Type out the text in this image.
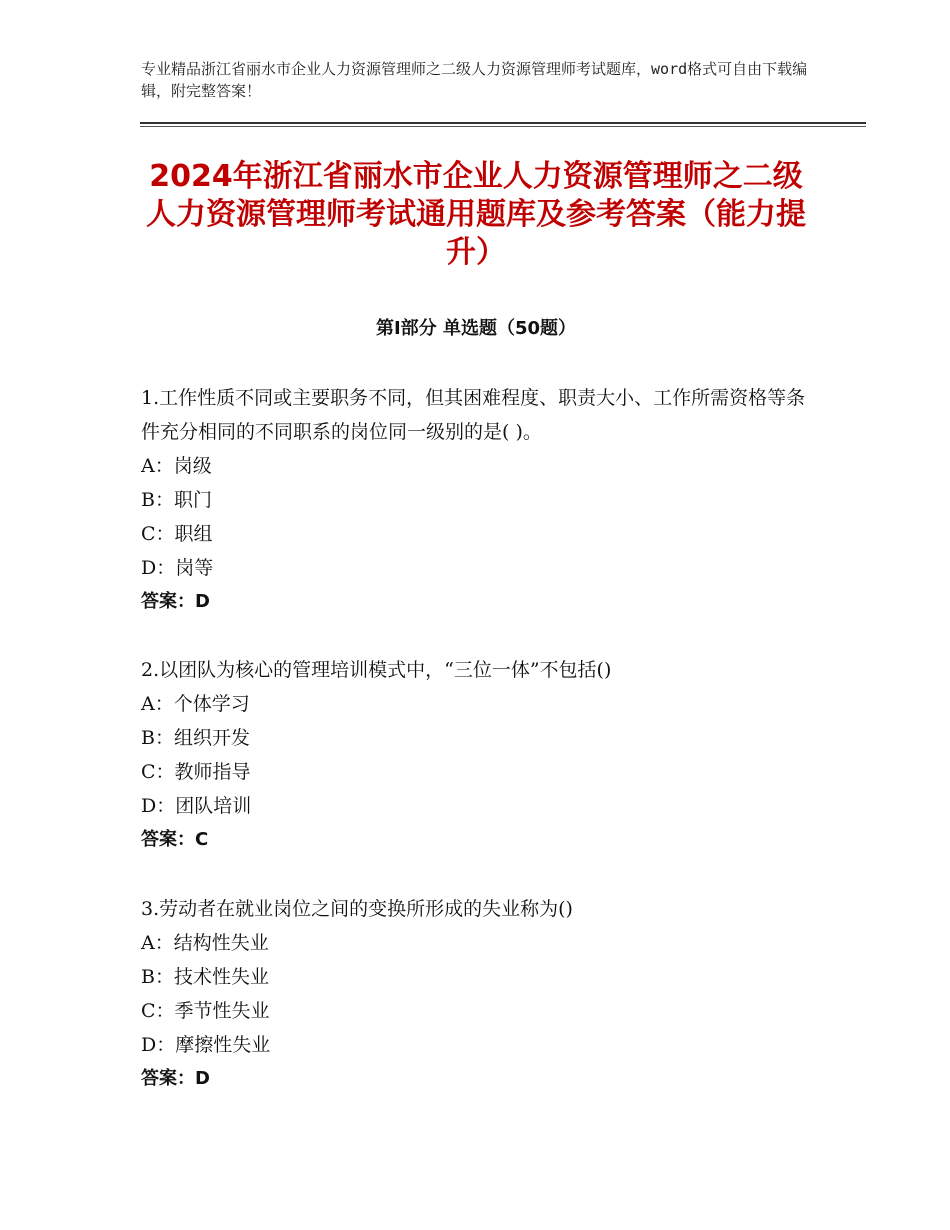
专业精品浙江省丽水市企业人力资源管理师之二级人力资源管理师考试题库，word格式可自由下载编辑，附完整答案！
2024年浙江省丽水市企业人力资源管理师之二级人力资源管理师考试通用题库及参考答案（能力提升）
第Ⅰ部分 单选题（50题）
1.工作性质不同或主要职务不同，但其困难程度、职责大小、工作所需资格等条件充分相同的不同职系的岗位同一级别的是( )。
A：岗级
B：职门
C：职组
D：岗等
答案：D
2.以团队为核心的管理培训模式中，“三位一体”不包括()
A：个体学习
B：组织开发
C：教师指导
D：团队培训
答案：C
3.劳动者在就业岗位之间的变换所形成的失业称为()
A：结构性失业
B：技术性失业
C：季节性失业
D：摩擦性失业
答案：D
